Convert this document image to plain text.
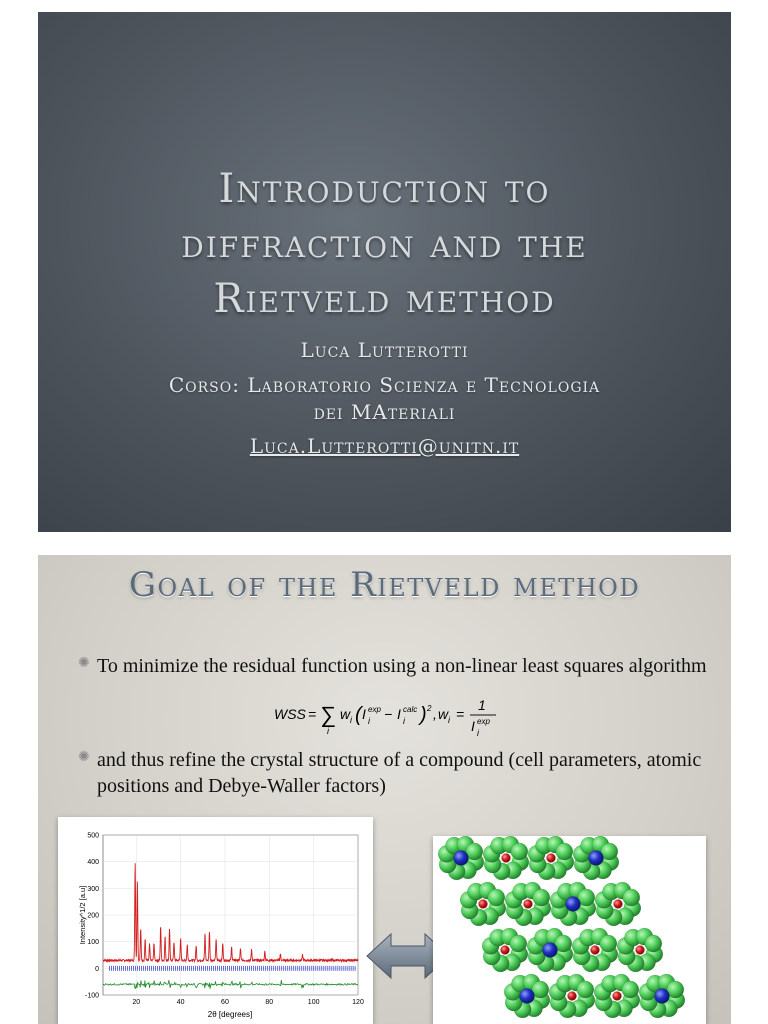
Introduction to
diffraction and the
Rietveld method
Luca Lutterotti
Corso: Laboratorio Scienza e Tecnologia
dei MAteriali
Luca.Lutterotti@unitn.it
Goal of the Rietveld method
✺ To minimize the residual function using a non-linear least squares algorithm
WSS = ∑
i
w i ( I exp
i − I calc
i ) 2 , w i =
1
I exp
i
✺ and thus refine the crystal structure of a compound (cell parameters, atomic positions and Debye-Waller factors)
500
400
300
200
100
0
-100
20	40	60	80	100	120
2θ [degrees]
Intensity^1/2 [a.u]
